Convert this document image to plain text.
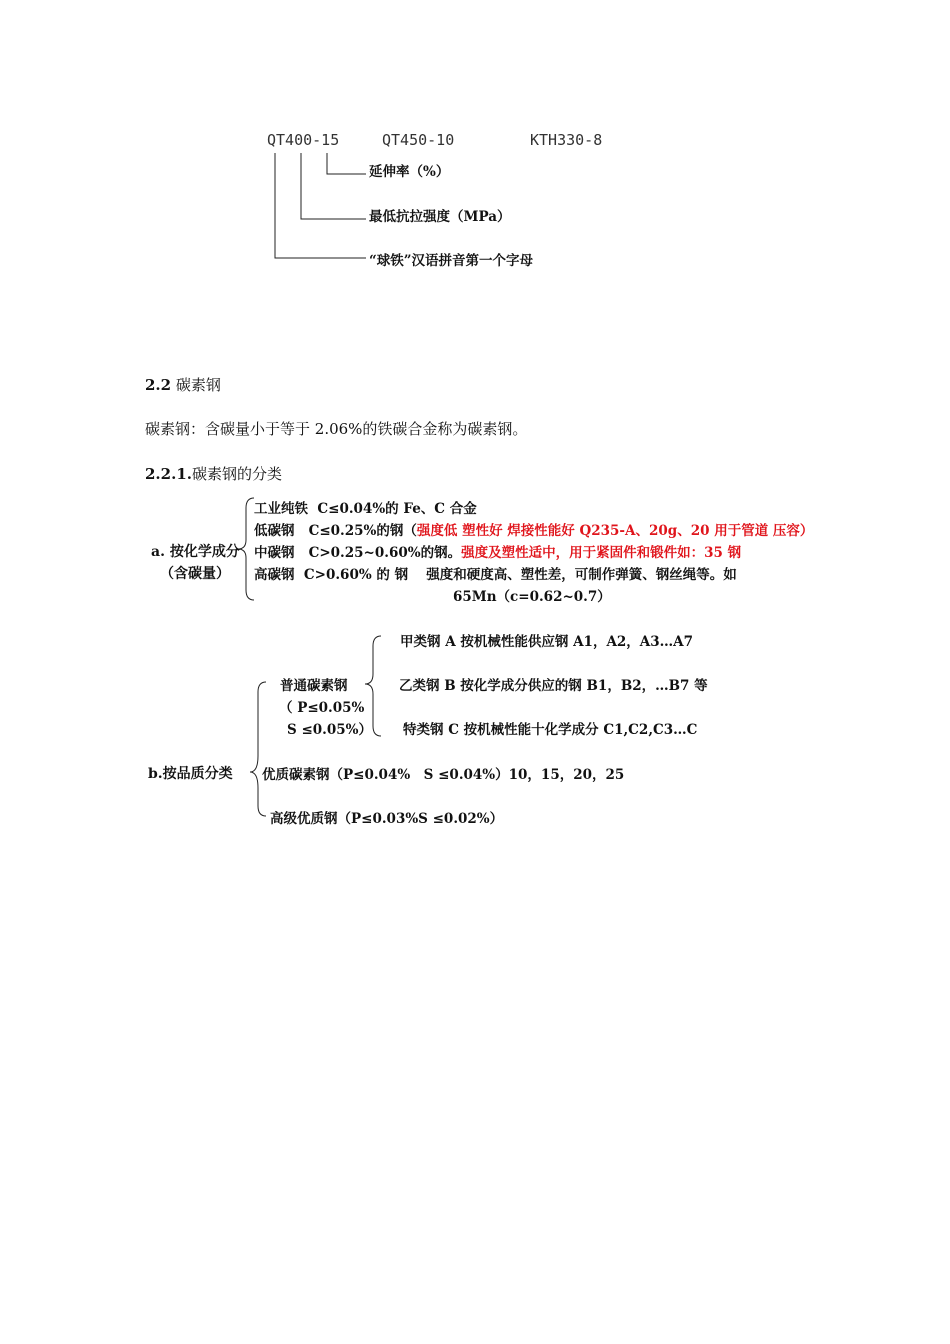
QT400-15	QT450-10	KTH330-8
延伸率（%）
最低抗拉强度（MPa）
“球铁”汉语拼音第一个字母
2.2 碳素钢
碳素钢：含碳量小于等于 2.06%的铁碳合金称为碳素钢。
2.2.1.碳素钢的分类
a. 按化学成分
（含碳量）
工业纯铁 C≤0.04%的 Fe、C 合金
低碳钢 C≤0.25%的钢（强度低 塑性好 焊接性能好 Q235-A、20g、20 用于管道 压容）
中碳钢 C>0.25~0.60%的钢。强度及塑性适中，用于紧固件和锻件如：35 钢
高碳钢 C>0.60% 的 钢　 强度和硬度高、塑性差，可制作弹簧、钢丝绳等。如
65Mn（c=0.62~0.7）
b.按品质分类
普通碳素钢
（ P≤0.05%
S ≤0.05%）
甲类钢 A 按机械性能供应钢 A1，A2，A3…A7
乙类钢 B 按化学成分供应的钢 B1，B2，…B7 等
特类钢 C 按机械性能十化学成分 C1,C2,C3…C
优质碳素钢（P≤0.04%　S ≤0.04%）10，15，20，25
高级优质钢（P≤0.03%S ≤0.02%）
